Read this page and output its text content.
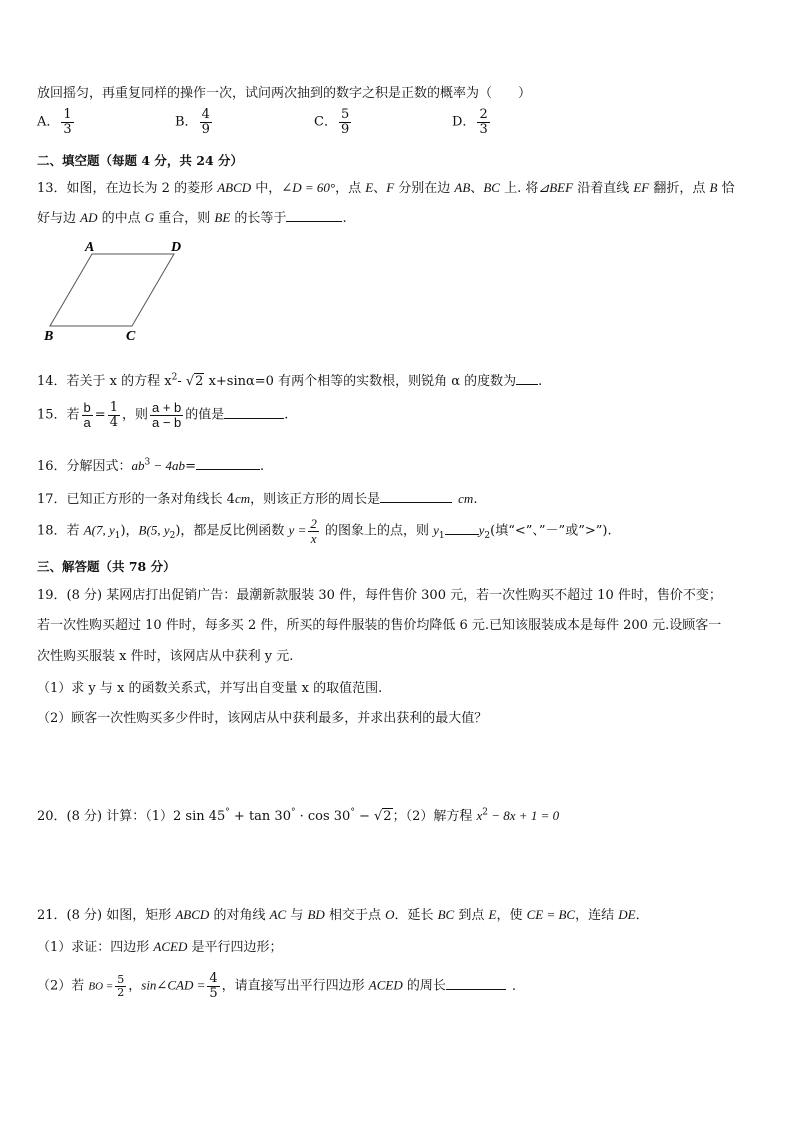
放回摇匀，再重复同样的操作一次，试问两次抽到的数字之积是正数的概率为（　　）
A． $\frac{1}{3}$	B． $\frac{4}{9}$	C． $\frac{5}{9}$	D． $\frac{2}{3}$
二、填空题（每题 4 分，共 24 分）
13．如图，在边长为 2 的菱形 ABCD 中，∠D = 60°，点 E、F 分别在边 AB、BC 上. 将⊿BEF 沿着直线 EF 翻折，点 B 恰
好与边 AD 的中点 G 重合，则 BE 的长等于	.
A	D
B	C
14．若关于 x 的方程 $x^2-$ √2 x+sinα=0 有两个相等的实数根，则锐角 α 的度数为 .
15．若 $\frac{b}{a} = \frac{1}{4}$ ，则 $\frac{a + b}{a - b}$ 的值是	.
16．分解因式：$ab^3 - 4ab=$	.
17．已知正方形的一条对角线长 4cm，则该正方形的周长是	cm.
18．若 A(7, $y_1$)，B(5, $y_2$)，都是反比例函数 $y = \frac{2}{x}$ 的图象上的点，则 $y_1$	$y_2$(填“<”、”－”或”>”).
三、解答题（共 78 分）
19．(8 分) 某网店打出促销广告：最潮新款服装 30 件，每件售价 300 元，若一次性购买不超过 10 件时，售价不变；
若一次性购买超过 10 件时，每多买 2 件，所买的每件服装的售价均降低 6 元.已知该服装成本是每件 200 元.设顾客一
次性购买服装 x 件时，该网店从中获利 y 元.
（1）求 y 与 x 的函数关系式，并写出自变量 x 的取值范围.
（2）顾客一次性购买多少件时，该网店从中获利最多，并求出获利的最大值？
20．(8 分) 计算：（1）2 sin 45° + tan 30° · cos 30° − √2；（2）解方程 $x^2 - 8x + 1 = 0$
21．(8 分) 如图，矩形 ABCD 的对角线 AC 与 BD 相交于点 O．延长 BC 到点 E，使 CE = BC，连结 DE．
（1）求证：四边形 ACED 是平行四边形；
（2）若 BO = $\frac{5}{2}$ ，sin∠CAD = $\frac{4}{5}$ ，请直接写出平行四边形 ACED 的周长	.
